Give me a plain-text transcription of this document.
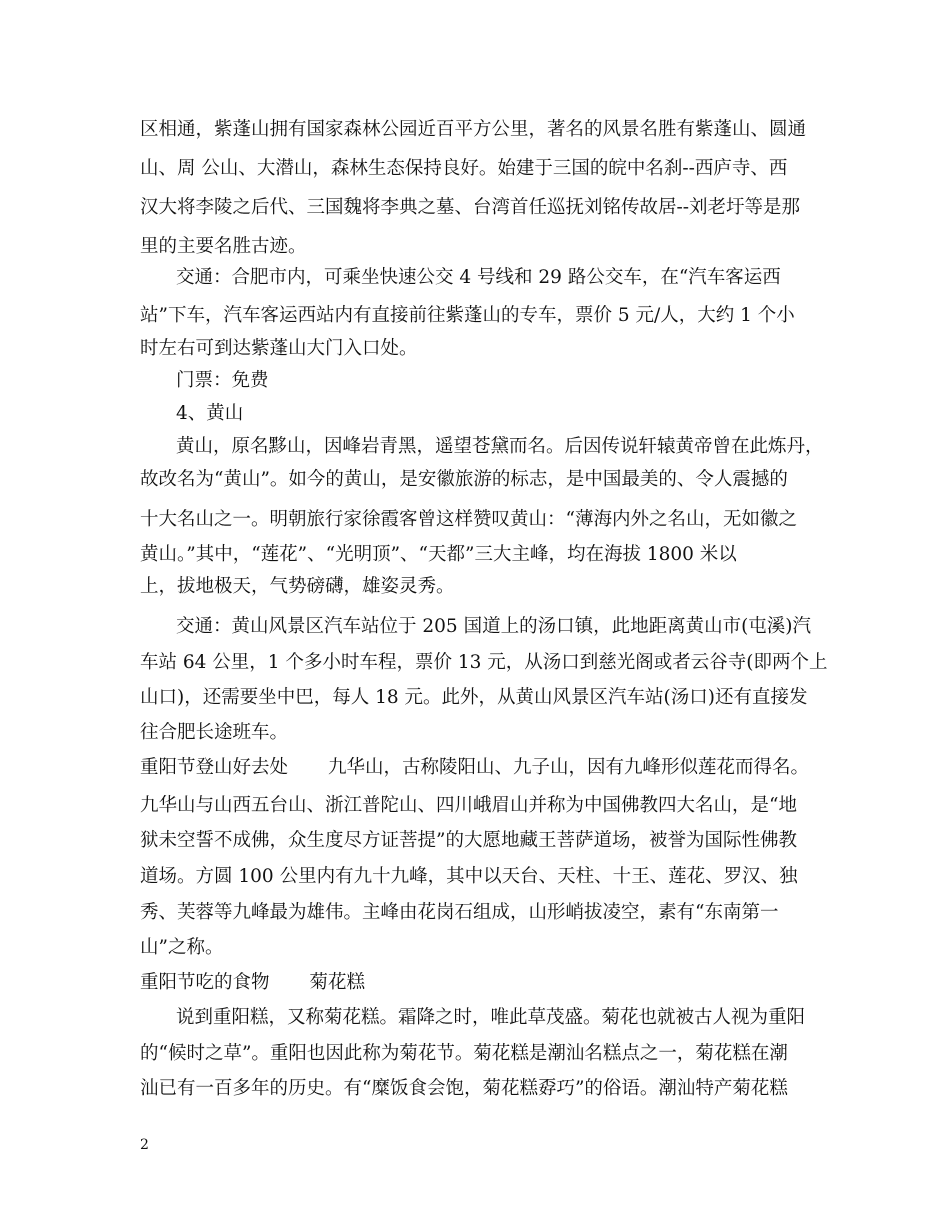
区相通，紫蓬山拥有国家森林公园近百平方公里，著名的风景名胜有紫蓬山、圆通
山、周 公山、大潜山，森林生态保持良好。始建于三国的皖中名刹--西庐寺、西
汉大将李陵之后代、三国魏将李典之墓、台湾首任巡抚刘铭传故居--刘老圩等是那
里的主要名胜古迹。
交通：合肥市内，可乘坐快速公交 4 号线和 29 路公交车，在“汽车客运西
站”下车，汽车客运西站内有直接前往紫蓬山的专车，票价 5 元/人，大约 1 个小
时左右可到达紫蓬山大门入口处。
门票：免费
4、黄山
黄山，原名黟山，因峰岩青黑，遥望苍黛而名。后因传说轩辕黄帝曾在此炼丹，
故改名为“黄山”。如今的黄山，是安徽旅游的标志，是中国最美的、令人震撼的
十大名山之一。明朝旅行家徐霞客曾这样赞叹黄山：“薄海内外之名山，无如徽之
黄山。”其中，“莲花”、“光明顶”、“天都”三大主峰，均在海拔 1800 米以
上，拔地极天，气势磅礴，雄姿灵秀。
交通：黄山风景区汽车站位于 205 国道上的汤口镇，此地距离黄山市(屯溪)汽
车站 64 公里，1 个多小时车程，票价 13 元，从汤口到慈光阁或者云谷寺(即两个上
山口)，还需要坐中巴，每人 18 元。此外，从黄山风景区汽车站(汤口)还有直接发
往合肥长途班车。
重阳节登山好去处 九华山，古称陵阳山、九子山，因有九峰形似莲花而得名。
九华山与山西五台山、浙江普陀山、四川峨眉山并称为中国佛教四大名山，是“地
狱未空誓不成佛，众生度尽方证菩提”的大愿地藏王菩萨道场，被誉为国际性佛教
道场。方圆 100 公里内有九十九峰，其中以天台、天柱、十王、莲花、罗汉、独
秀、芙蓉等九峰最为雄伟。主峰由花岗石组成，山形峭拔凌空，素有“东南第一
山”之称。
重阳节吃的食物 菊花糕
说到重阳糕，又称菊花糕。霜降之时，唯此草茂盛。菊花也就被古人视为重阳
的“候时之草”。重阳也因此称为菊花节。菊花糕是潮汕名糕点之一，菊花糕在潮
汕已有一百多年的历史。有“糜饭食会饱，菊花糕孬巧”的俗语。潮汕特产菊花糕
2
